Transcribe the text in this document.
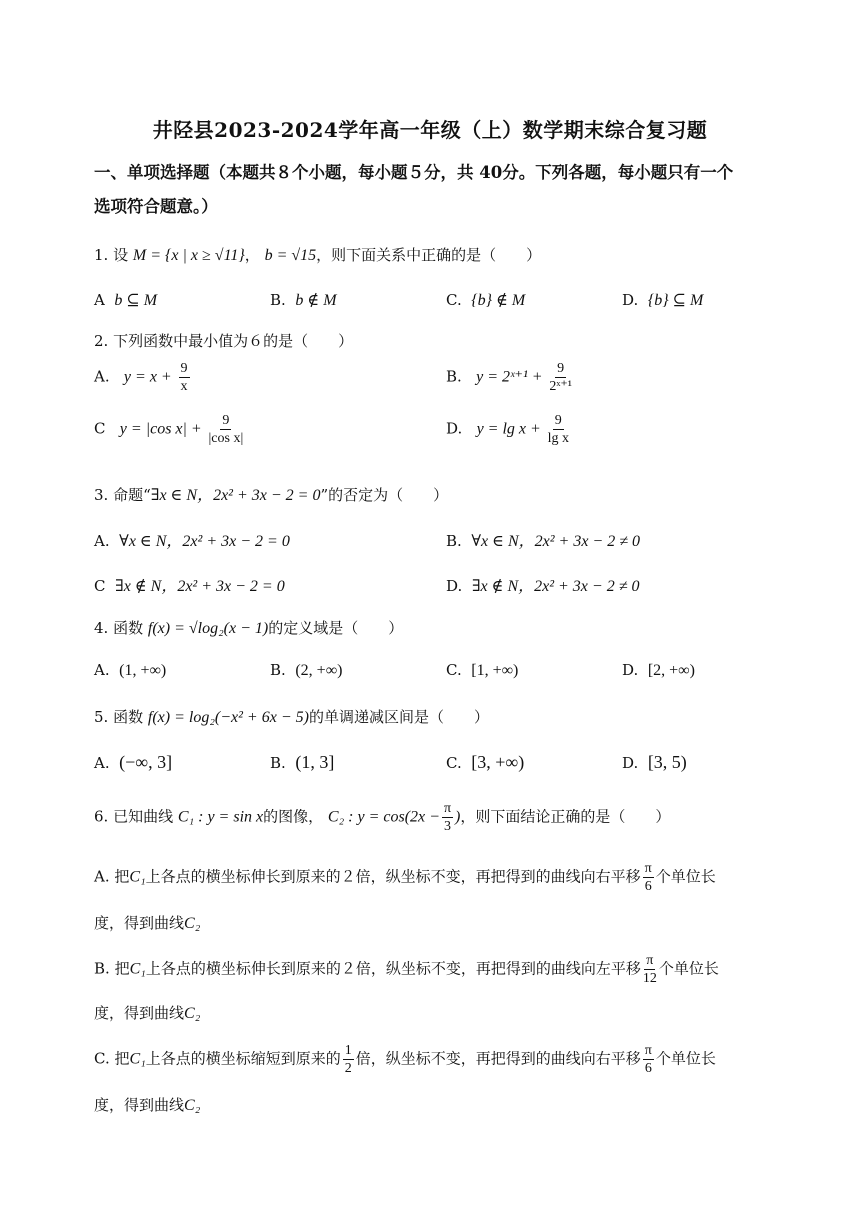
井陉县2023-2024学年高一年级（上）数学期末综合复习题
一、单项选择题（本题共８个小题，每小题５分，共 40分。下列各题，每小题只有一个
选项符合题意。）
1. 设 M = {x | x ≥ √11}， b = √15，则下面关系中正确的是（　　）
A b ⊆ M	B. b ∉ M	C. {b} ∉ M	D. {b} ⊆ M
2. 下列函数中最小值为６的是（　　）
A. $y = x + \frac{9}{x}$	B. y = 2ˣ⁺¹ + $\frac{9}{\text{2ˣ⁺¹}}$
C y = |cos $x| + \frac{9}{\text{|cos x|}}$	D. $y = \lg x + \frac{9}{\text{lg x}}$
3. 命题“∃x ∈ N，2x² + 3x − 2 = 0”的否定为（　　）
A. ∀x ∈ N，2x² + 3x − 2 = 0	B. ∀x ∈ N，2x² + 3x − 2 ≠ 0
C ∃x ∉ N，2x² + 3x − 2 = 0	D. ∃x ∉ N，2x² + 3x − 2 ≠ 0
4. 函数 f(x) = √log₂(x − 1)的定义域是（　　）
A. (1, +∞)	B. (2, +∞)	C. [1, +∞)	D. [2, +∞)
5. 函数 f(x) = log₂(−x² + 6x − 5)的单调递减区间是（　　）
A. (−∞, 3]	B. (1, 3]	C. [3, +∞)	D. [3, 5)
6. 已知曲线 C₁ : y = sin x的图像， C₂ : $y = \cos(2x - \frac{\pi}{3}$ )，则下面结论正确的是（　　）
A. 把C₁上各点的横坐标伸长到原来的２倍，纵坐标不变，再把得到的曲线向右平移 $\frac{\pi}{6}$ 个单位长
度，得到曲线C₂
B. 把C₁上各点的横坐标伸长到原来的２倍，纵坐标不变，再把得到的曲线向左平移 $\frac{\pi}{12}$ 个单位长
度，得到曲线C₂
C. 把C₁上各点的横坐标缩短到原来的 $\frac{1}{2}$ 倍，纵坐标不变，再把得到的曲线向右平移 $\frac{\pi}{6}$ 个单位长
度，得到曲线C₂
